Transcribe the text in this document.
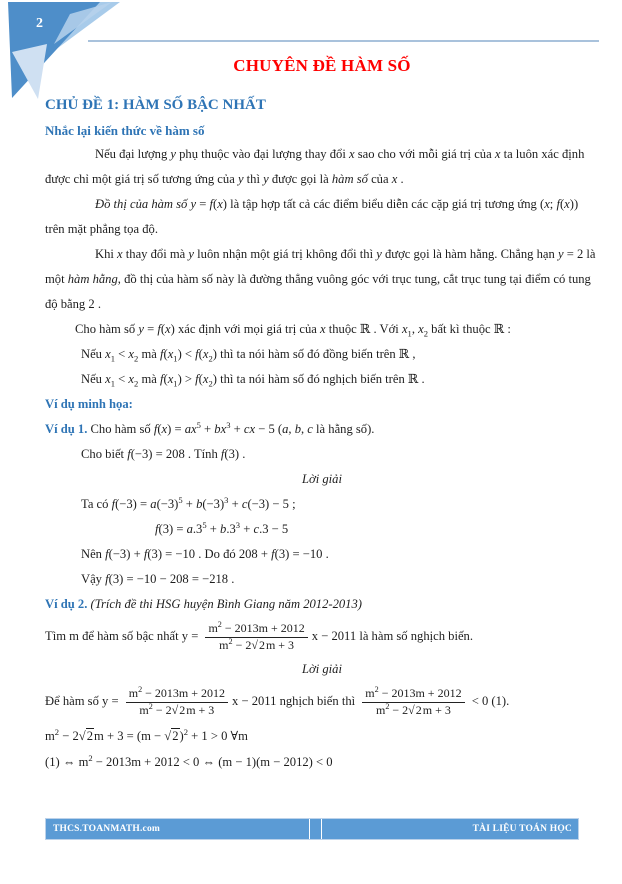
2
CHUYÊN ĐỀ HÀM SỐ
CHỦ ĐỀ 1: HÀM SỐ BẬC NHẤT
Nhắc lại kiến thức về hàm số

Nếu đại lượng y phụ thuộc vào đại lượng thay đổi x sao cho với mỗi giá trị của x ta luôn xác định được chỉ một giá trị số tương ứng của y thì y được gọi là hàm số của x .

Đồ thị của hàm số y = f(x) là tập hợp tất cả các điểm biểu diễn các cặp giá trị tương ứng (x; f(x)) trên mặt phẳng tọa độ.

Khi x thay đổi mà y luôn nhận một giá trị không đổi thì y được gọi là hàm hằng. Chẳng hạn y = 2 là một hàm hằng, đồ thị của hàm số này là đường thẳng vuông góc với trục tung, cắt trục tung tại điểm có tung độ bằng 2 .

Cho hàm số y = f(x) xác định với mọi giá trị của x thuộc ℝ . Với $x_1$, $x_2$ bất kì thuộc ℝ :

Nếu $x_1 < x_2$ mà $f(x_1) < f(x_2)$ thì ta nói hàm số đó đồng biến trên ℝ ,

Nếu $x_1 < x_2$ mà $f(x_1) > f(x_2)$ thì ta nói hàm số đó nghịch biến trên ℝ .

Ví dụ minh họa:

Ví dụ 1. Cho hàm số $f(x) = ax^5 + bx^3$ + cx − 5 (a, b, c là hằng số).

Cho biết f(−3) = 208 . Tính f(3) .

Lời giải

Ta có $f(-3) = a(-3)^5 + b(-3)^3 + c(-3) - 5$ ;

$f(3) = a.3^5 + b.3^3 + c.3 - 5$

Nên f(−3) + f(3) = −10 . Do đó 208 + f(3) = −10 .

Vậy f(3) = −10 − 208 = −218 .

Ví dụ 2. (Trích đề thi HSG huyện Bình Giang năm 2012-2013)

Tìm m để hàm số bậc nhất $y = \frac{m^2 - 2013m + 2012}{m^2 - 2√2m + 3}$ x − 2011 là hàm số nghịch biến.

Lời giải

Để hàm số $y = \frac{m^2 - 2013m + 2012}{m^2 - 2√2m + 3}$ x − 2011 nghịch biến thì $\frac{m^2 - 2013m + 2012}{m^2 - 2√2m + 3} < 0$ (1).

$m^2 - 2√2m + 3 = (m - √2)^2 + 1 > 0$ ∀m

(1) ⇔ $m^2 - 2013m + 2012 < 0$ ⇔ (m − 1)(m − 2012) < 0

THCS.TOANMATH.com	TÀI LIỆU TOÁN HỌC
